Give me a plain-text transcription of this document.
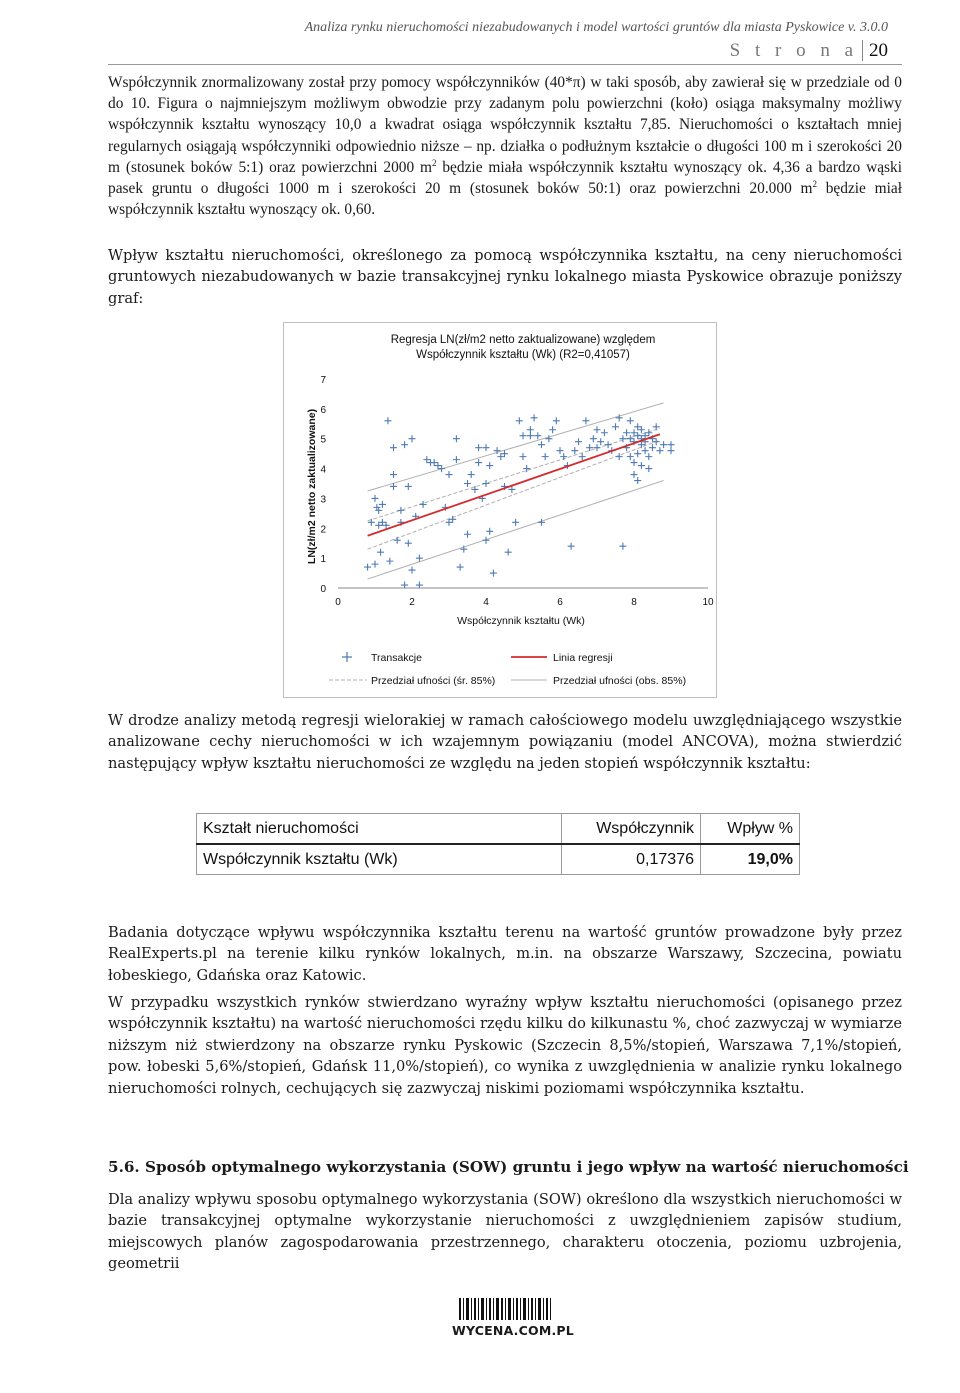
Analiza rynku nieruchomości niezabudowanych i model wartości gruntów dla miasta Pyskowice v. 3.0.0
S t r o n a 20

Współczynnik znormalizowany został przy pomocy współczynników (40*π) w taki sposób, aby zawierał się w przedziale od 0 do 10. Figura o najmniejszym możliwym obwodzie przy zadanym polu powierzchni (koło) osiąga maksymalny możliwy współczynnik kształtu wynoszący 10,0 a kwadrat osiąga współczynnik kształtu 7,85. Nieruchomości o kształtach mniej regularnych osiągają współczynniki odpowiednio niższe – np. działka o podłużnym kształcie o długości 100 m i szerokości 20 m (stosunek boków 5:1) oraz powierzchni 2000 $m^2$ będzie miała współczynnik kształtu wynoszący ok. 4,36 a bardzo wąski pasek gruntu o długości 1000 m i szerokości 20 m (stosunek boków 50:1) oraz powierzchni 20.000 $m^2$ będzie miał współczynnik kształtu wynoszący ok. 0,60.

Wpływ kształtu nieruchomości, określonego za pomocą współczynnika kształtu, na ceny nieruchomości gruntowych niezabudowanych w bazie transakcyjnej rynku lokalnego miasta Pyskowice obrazuje poniższy graf:

Regresja LN(zł/m2 netto zaktualizowane) względem
Współczynnik kształtu (Wk) (R2=0,41057)
0
1
2
3
4
5
6
7
0	2	4	6	8	10
Współczynnik kształtu (Wk)
LN(zł/m2 netto zaktualizowane)
Transakcje	Linia regresji
Przedział ufności (śr. 85%)	Przedział ufności (obs. 85%)

W drodze analizy metodą regresji wielorakiej w ramach całościowego modelu uwzględniającego wszystkie analizowane cechy nieruchomości w ich wzajemnym powiązaniu (model ANCOVA), można stwierdzić następujący wpływ kształtu nieruchomości ze względu na jeden stopień współczynnik kształtu:

Kształt nieruchomości	Współczynnik	Wpływ %
Współczynnik kształtu (Wk)	0,17376	19,0%

Badania dotyczące wpływu współczynnika kształtu terenu na wartość gruntów prowadzone były przez RealExperts.pl na terenie kilku rynków lokalnych, m.in. na obszarze Warszawy, Szczecina, powiatu łobeskiego, Gdańska oraz Katowic.

W przypadku wszystkich rynków stwierdzano wyraźny wpływ kształtu nieruchomości (opisanego przez współczynnik kształtu) na wartość nieruchomości rzędu kilku do kilkunastu %, choć zazwyczaj w wymiarze niższym niż stwierdzony na obszarze rynku Pyskowic (Szczecin 8,5%/stopień, Warszawa 7,1%/stopień, pow. łobeski 5,6%/stopień, Gdańsk 11,0%/stopień), co wynika z uwzględnienia w analizie rynku lokalnego nieruchomości rolnych, cechujących się zazwyczaj niskimi poziomami współczynnika kształtu.

5.6. Sposób optymalnego wykorzystania (SOW) gruntu i jego wpływ na wartość nieruchomości

Dla analizy wpływu sposobu optymalnego wykorzystania (SOW) określono dla wszystkich nieruchomości w bazie transakcyjnej optymalne wykorzystanie nieruchomości z uwzględnieniem zapisów studium, miejscowych planów zagospodarowania przestrzennego, charakteru otoczenia, poziomu uzbrojenia, geometrii

WYCENA.COM.PL
